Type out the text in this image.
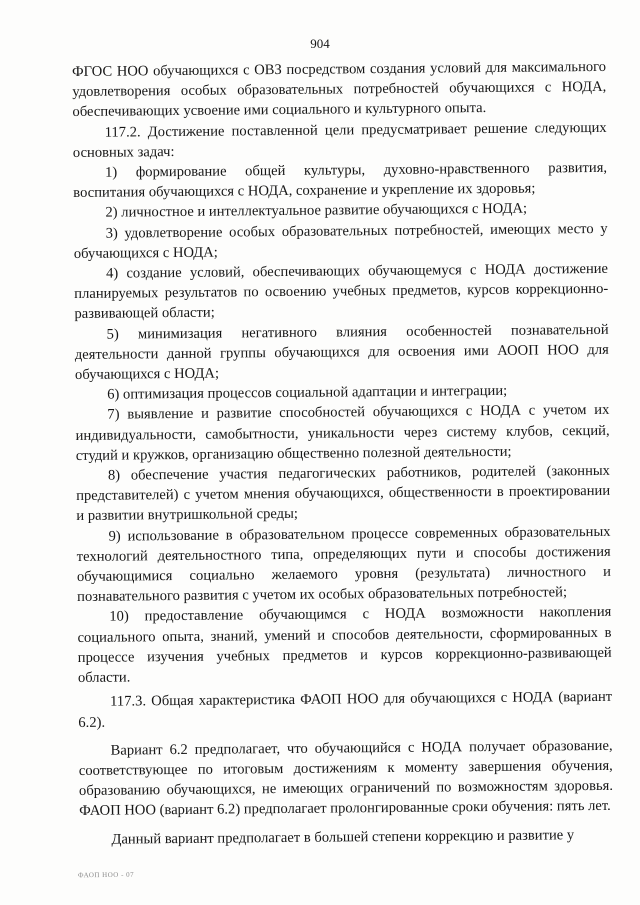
904

ФГОС НОО обучающихся с ОВЗ посредством создания условий для максимального удовлетворения особых образовательных потребностей обучающихся с НОДА, обеспечивающих усвоение ими социального и культурного опыта.

117.2. Достижение поставленной цели предусматривает решение следующих основных задач:

1) формирование общей культуры, духовно-нравственного развития, воспитания обучающихся с НОДА, сохранение и укрепление их здоровья;

2) личностное и интеллектуальное развитие обучающихся с НОДА;

3) удовлетворение особых образовательных потребностей, имеющих место у обучающихся с НОДА;

4) создание условий, обеспечивающих обучающемуся с НОДА достижение планируемых результатов по освоению учебных предметов, курсов коррекционно-развивающей области;

5) минимизация негативного влияния особенностей познавательной деятельности данной группы обучающихся для освоения ими АООП НОО для обучающихся с НОДА;

6) оптимизация процессов социальной адаптации и интеграции;

7) выявление и развитие способностей обучающихся с НОДА с учетом их индивидуальности, самобытности, уникальности через систему клубов, секций, студий и кружков, организацию общественно полезной деятельности;

8) обеспечение участия педагогических работников, родителей (законных представителей) с учетом мнения обучающихся, общественности в проектировании и развитии внутришкольной среды;

9) использование в образовательном процессе современных образовательных технологий деятельностного типа, определяющих пути и способы достижения обучающимися социально желаемого уровня (результата) личностного и познавательного развития с учетом их особых образовательных потребностей;

10) предоставление обучающимся с НОДА возможности накопления социального опыта, знаний, умений и способов деятельности, сформированных в процессе изучения учебных предметов и курсов коррекционно-развивающей области.

117.3. Общая характеристика ФАОП НОО для обучающихся с НОДА (вариант 6.2).

Вариант 6.2 предполагает, что обучающийся с НОДА получает образование, соответствующее по итоговым достижениям к моменту завершения обучения, образованию обучающихся, не имеющих ограничений по возможностям здоровья. ФАОП НОО (вариант 6.2) предполагает пролонгированные сроки обучения: пять лет.

Данный вариант предполагает в большей степени коррекцию и развитие у

ФАОП НОО - 07
